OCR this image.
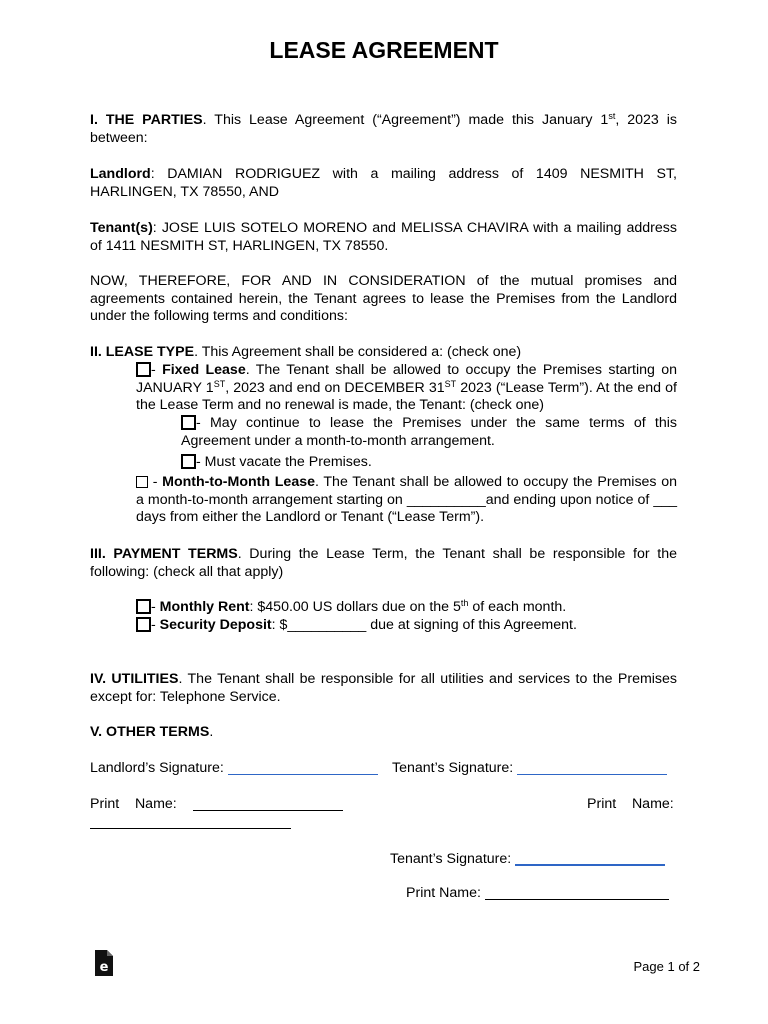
LEASE AGREEMENT
I. THE PARTIES. This Lease Agreement (“Agreement”) made this January 1st, 2023 is between:
Landlord: DAMIAN RODRIGUEZ with a mailing address of 1409 NESMITH ST, HARLINGEN, TX 78550, AND
Tenant(s): JOSE LUIS SOTELO MORENO and MELISSA CHAVIRA with a mailing address of 1411 NESMITH ST, HARLINGEN, TX 78550.
NOW, THEREFORE, FOR AND IN CONSIDERATION of the mutual promises and agreements contained herein, the Tenant agrees to lease the Premises from the Landlord under the following terms and conditions:
II. LEASE TYPE. This Agreement shall be considered a: (check one)
- Fixed Lease. The Tenant shall be allowed to occupy the Premises starting on JANUARY 1ST, 2023 and end on DECEMBER 31ST 2023 (“Lease Term”). At the end of the Lease Term and no renewal is made, the Tenant: (check one)
- May continue to lease the Premises under the same terms of this Agreement under a month-to-month arrangement.
- Must vacate the Premises.
- Month-to-Month Lease. The Tenant shall be allowed to occupy the Premises on a month-to-month arrangement starting on __________and ending upon notice of ___ days from either the Landlord or Tenant (“Lease Term”).
III. PAYMENT TERMS. During the Lease Term, the Tenant shall be responsible for the following: (check all that apply)
- Monthly Rent: $450.00 US dollars due on the 5th of each month.
- Security Deposit: $__________ due at signing of this Agreement.
IV. UTILITIES. The Tenant shall be responsible for all utilities and services to the Premises except for: Telephone Service.
V. OTHER TERMS.
Landlord’s Signature:	Tenant’s Signature:
Print    Name:	Print    Name:
Tenant’s Signature:
Print Name:
e	Page 1 of 2
